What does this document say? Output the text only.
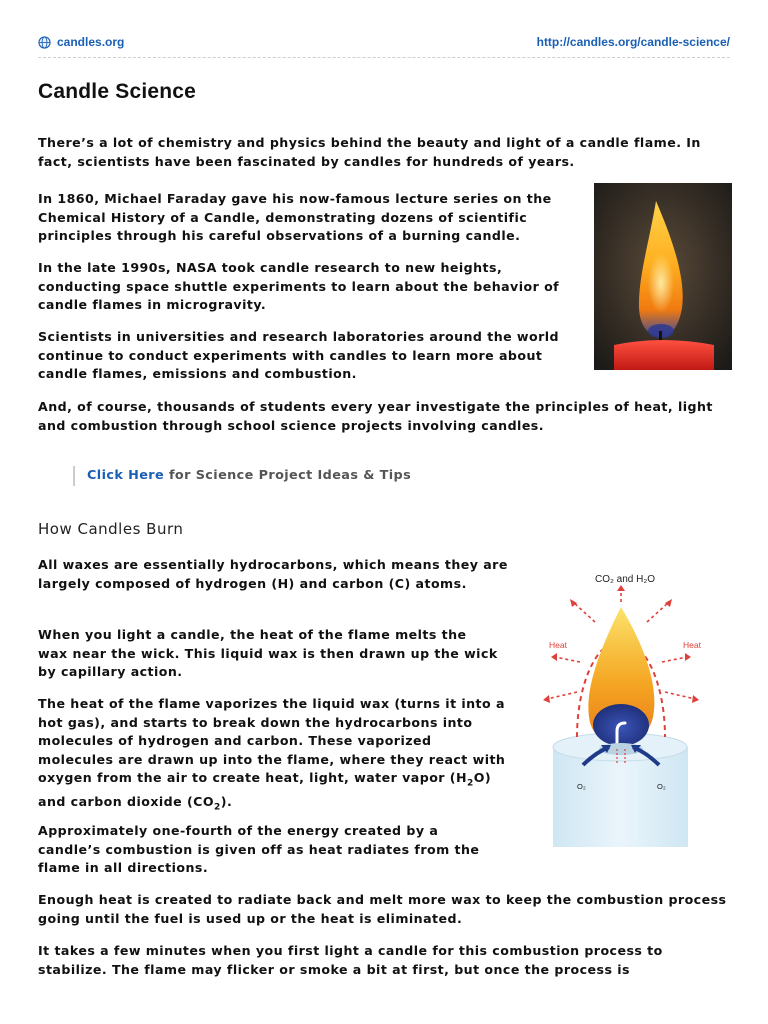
candles.org	http://candles.org/candle-science/
Candle Science

There’s a lot of chemistry and physics behind the beauty and light of a candle flame. In fact, scientists have been fascinated by candles for hundreds of years.

In 1860, Michael Faraday gave his now-famous lecture series on the Chemical History of a Candle, demonstrating dozens of scientific principles through his careful observations of a burning candle.

In the late 1990s, NASA took candle research to new heights, conducting space shuttle experiments to learn about the behavior of candle flames in microgravity.

Scientists in universities and research laboratories around the world continue to conduct experiments with candles to learn more about candle flames, emissions and combustion.

And, of course, thousands of students every year investigate the principles of heat, light and combustion through school science projects involving candles.

Click Here for Science Project Ideas & Tips
How Candles Burn

All waxes are essentially hydrocarbons, which means they are largely composed of hydrogen (H) and carbon (C) atoms.

When you light a candle, the heat of the flame melts the wax near the wick. This liquid wax is then drawn up the wick by capillary action.

The heat of the flame vaporizes the liquid wax (turns it into a hot gas), and starts to break down the hydrocarbons into molecules of hydrogen and carbon. These vaporized molecules are drawn up into the flame, where they react with oxygen from the air to create heat, light, water vapor $(H_2O)$ and carbon dioxide $(CO_2)$.

Approximately one-fourth of the energy created by a candle’s combustion is given off as heat radiates from the flame in all directions.

Enough heat is created to radiate back and melt more wax to keep the combustion process going until the fuel is used up or the heat is eliminated.

It takes a few minutes when you first light a candle for this combustion process to stabilize. The flame may flicker or smoke a bit at first, but once the process is

CO₂ and H₂O
Heat	Heat
O₂	O₂
